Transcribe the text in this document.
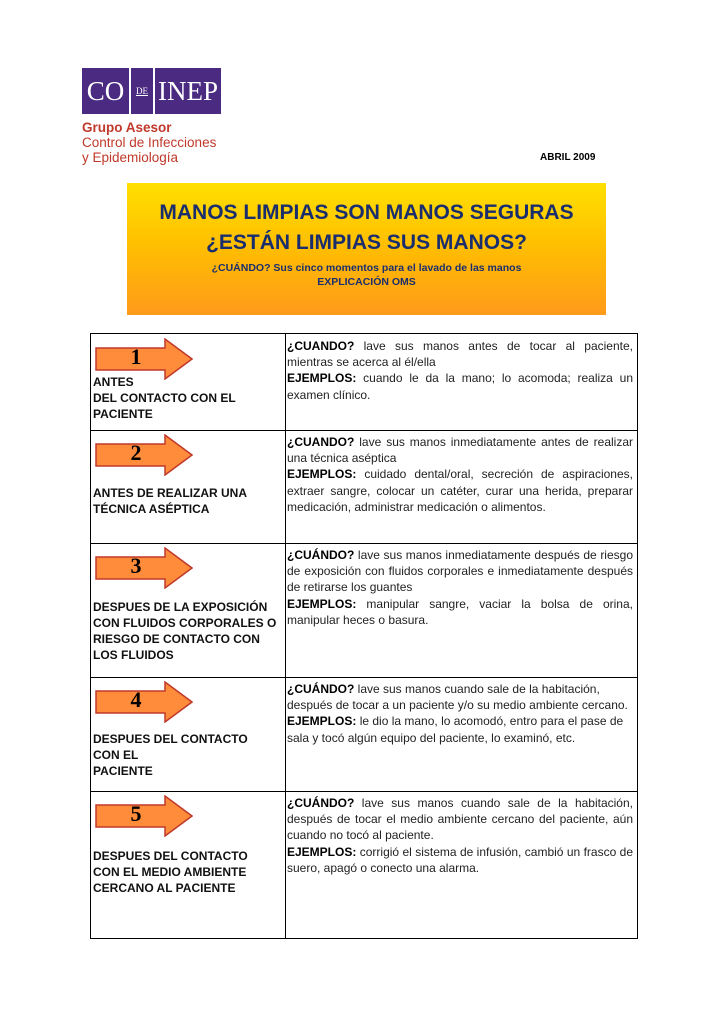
CO	DE INEP
Grupo Asesor
Control de Infecciones
y Epidemiología	ABRIL 2009
MANOS LIMPIAS SON MANOS SEGURAS
¿ESTÁN LIMPIAS SUS MANOS?
¿CUÁNDO? Sus cinco momentos para el lavado de las manos
EXPLICACIÓN OMS
1
ANTES
DEL CONTACTO CON EL
PACIENTE
¿CUANDO? lave sus manos antes de tocar al paciente, mientras se acerca al él/ella
EJEMPLOS: cuando le da la mano; lo acomoda; realiza un examen clínico.
2
ANTES DE REALIZAR UNA
TÉCNICA ASÉPTICA
¿CUANDO? lave sus manos inmediatamente antes de realizar una técnica aséptica
EJEMPLOS: cuidado dental/oral, secreción de aspiraciones, extraer sangre, colocar un catéter, curar una herida, preparar medicación, administrar medicación o alimentos.
3
DESPUES DE LA EXPOSICIÓN
CON FLUIDOS CORPORALES O
RIESGO DE CONTACTO CON
LOS FLUIDOS
¿CUÁNDO? lave sus manos inmediatamente después de riesgo de exposición con fluidos corporales e inmediatamente después de retirarse los guantes
EJEMPLOS: manipular sangre, vaciar la bolsa de orina, manipular heces o basura.
4
DESPUES DEL CONTACTO
CON EL
PACIENTE
¿CUÁNDO? lave sus manos cuando sale de la habitación, después de tocar a un paciente y/o su medio ambiente cercano.
EJEMPLOS: le dio la mano, lo acomodó, entro para el pase de sala y tocó algún equipo del paciente, lo examinó, etc.
5
DESPUES DEL CONTACTO
CON EL MEDIO AMBIENTE
CERCANO AL PACIENTE
¿CUÁNDO? lave sus manos cuando sale de la habitación, después de tocar el medio ambiente cercano del paciente, aún cuando no tocó al paciente.
EJEMPLOS: corrigió el sistema de infusión, cambió un frasco de suero, apagó o conecto una alarma.
